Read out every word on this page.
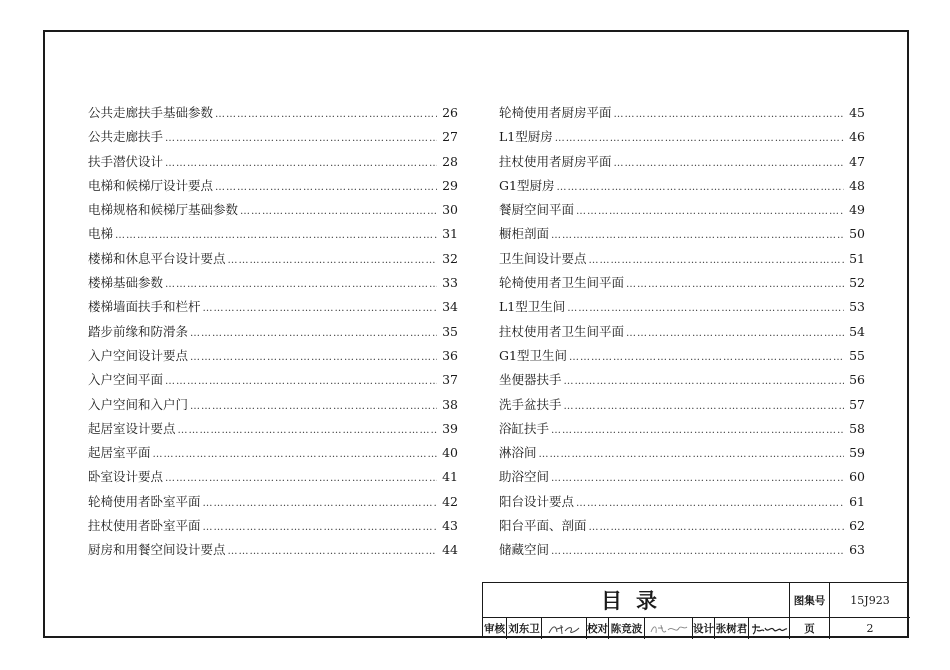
公共走廊扶手基础参数 …………………………………………………………………………………………………………………………………………………	26
公共走廊扶手 …………………………………………………………………………………………………………………………………………………	27
扶手潜伏设计 …………………………………………………………………………………………………………………………………………………	28
电梯和候梯厅设计要点 …………………………………………………………………………………………………………………………………………………	29
电梯规格和候梯厅基础参数 …………………………………………………………………………………………………………………………………………………	30
电梯 …………………………………………………………………………………………………………………………………………………	31
楼梯和休息平台设计要点 …………………………………………………………………………………………………………………………………………………	32
楼梯基础参数 …………………………………………………………………………………………………………………………………………………	33
楼梯墙面扶手和栏杆 …………………………………………………………………………………………………………………………………………………	34
踏步前缘和防滑条 …………………………………………………………………………………………………………………………………………………	35
入户空间设计要点 …………………………………………………………………………………………………………………………………………………	36
入户空间平面 …………………………………………………………………………………………………………………………………………………	37
入户空间和入户门 …………………………………………………………………………………………………………………………………………………	38
起居室设计要点 …………………………………………………………………………………………………………………………………………………	39
起居室平面 …………………………………………………………………………………………………………………………………………………	40
卧室设计要点 …………………………………………………………………………………………………………………………………………………	41
轮椅使用者卧室平面 …………………………………………………………………………………………………………………………………………………	42
拄杖使用者卧室平面 …………………………………………………………………………………………………………………………………………………	43
厨房和用餐空间设计要点 …………………………………………………………………………………………………………………………………………………	44
轮椅使用者厨房平面 …………………………………………………………………………………………………………………………………………………	45
L1型厨房 …………………………………………………………………………………………………………………………………………………	46
拄杖使用者厨房平面 …………………………………………………………………………………………………………………………………………………	47
G1型厨房 …………………………………………………………………………………………………………………………………………………	48
餐厨空间平面 …………………………………………………………………………………………………………………………………………………	49
橱柜剖面 …………………………………………………………………………………………………………………………………………………	50
卫生间设计要点 …………………………………………………………………………………………………………………………………………………	51
轮椅使用者卫生间平面 …………………………………………………………………………………………………………………………………………………	52
L1型卫生间 …………………………………………………………………………………………………………………………………………………	53
拄杖使用者卫生间平面 …………………………………………………………………………………………………………………………………………………	54
G1型卫生间 …………………………………………………………………………………………………………………………………………………	55
坐便器扶手 …………………………………………………………………………………………………………………………………………………	56
洗手盆扶手 …………………………………………………………………………………………………………………………………………………	57
浴缸扶手 …………………………………………………………………………………………………………………………………………………	58
淋浴间 …………………………………………………………………………………………………………………………………………………	59
助浴空间 …………………………………………………………………………………………………………………………………………………	60
阳台设计要点 …………………………………………………………………………………………………………………………………………………	61
阳台平面、剖面 …………………………………………………………………………………………………………………………………………………	62
储藏空间 …………………………………………………………………………………………………………………………………………………	63
目录	图集号	15J923
审核 刘东卫	校对 陈竞波	设计 张树君	页	2
